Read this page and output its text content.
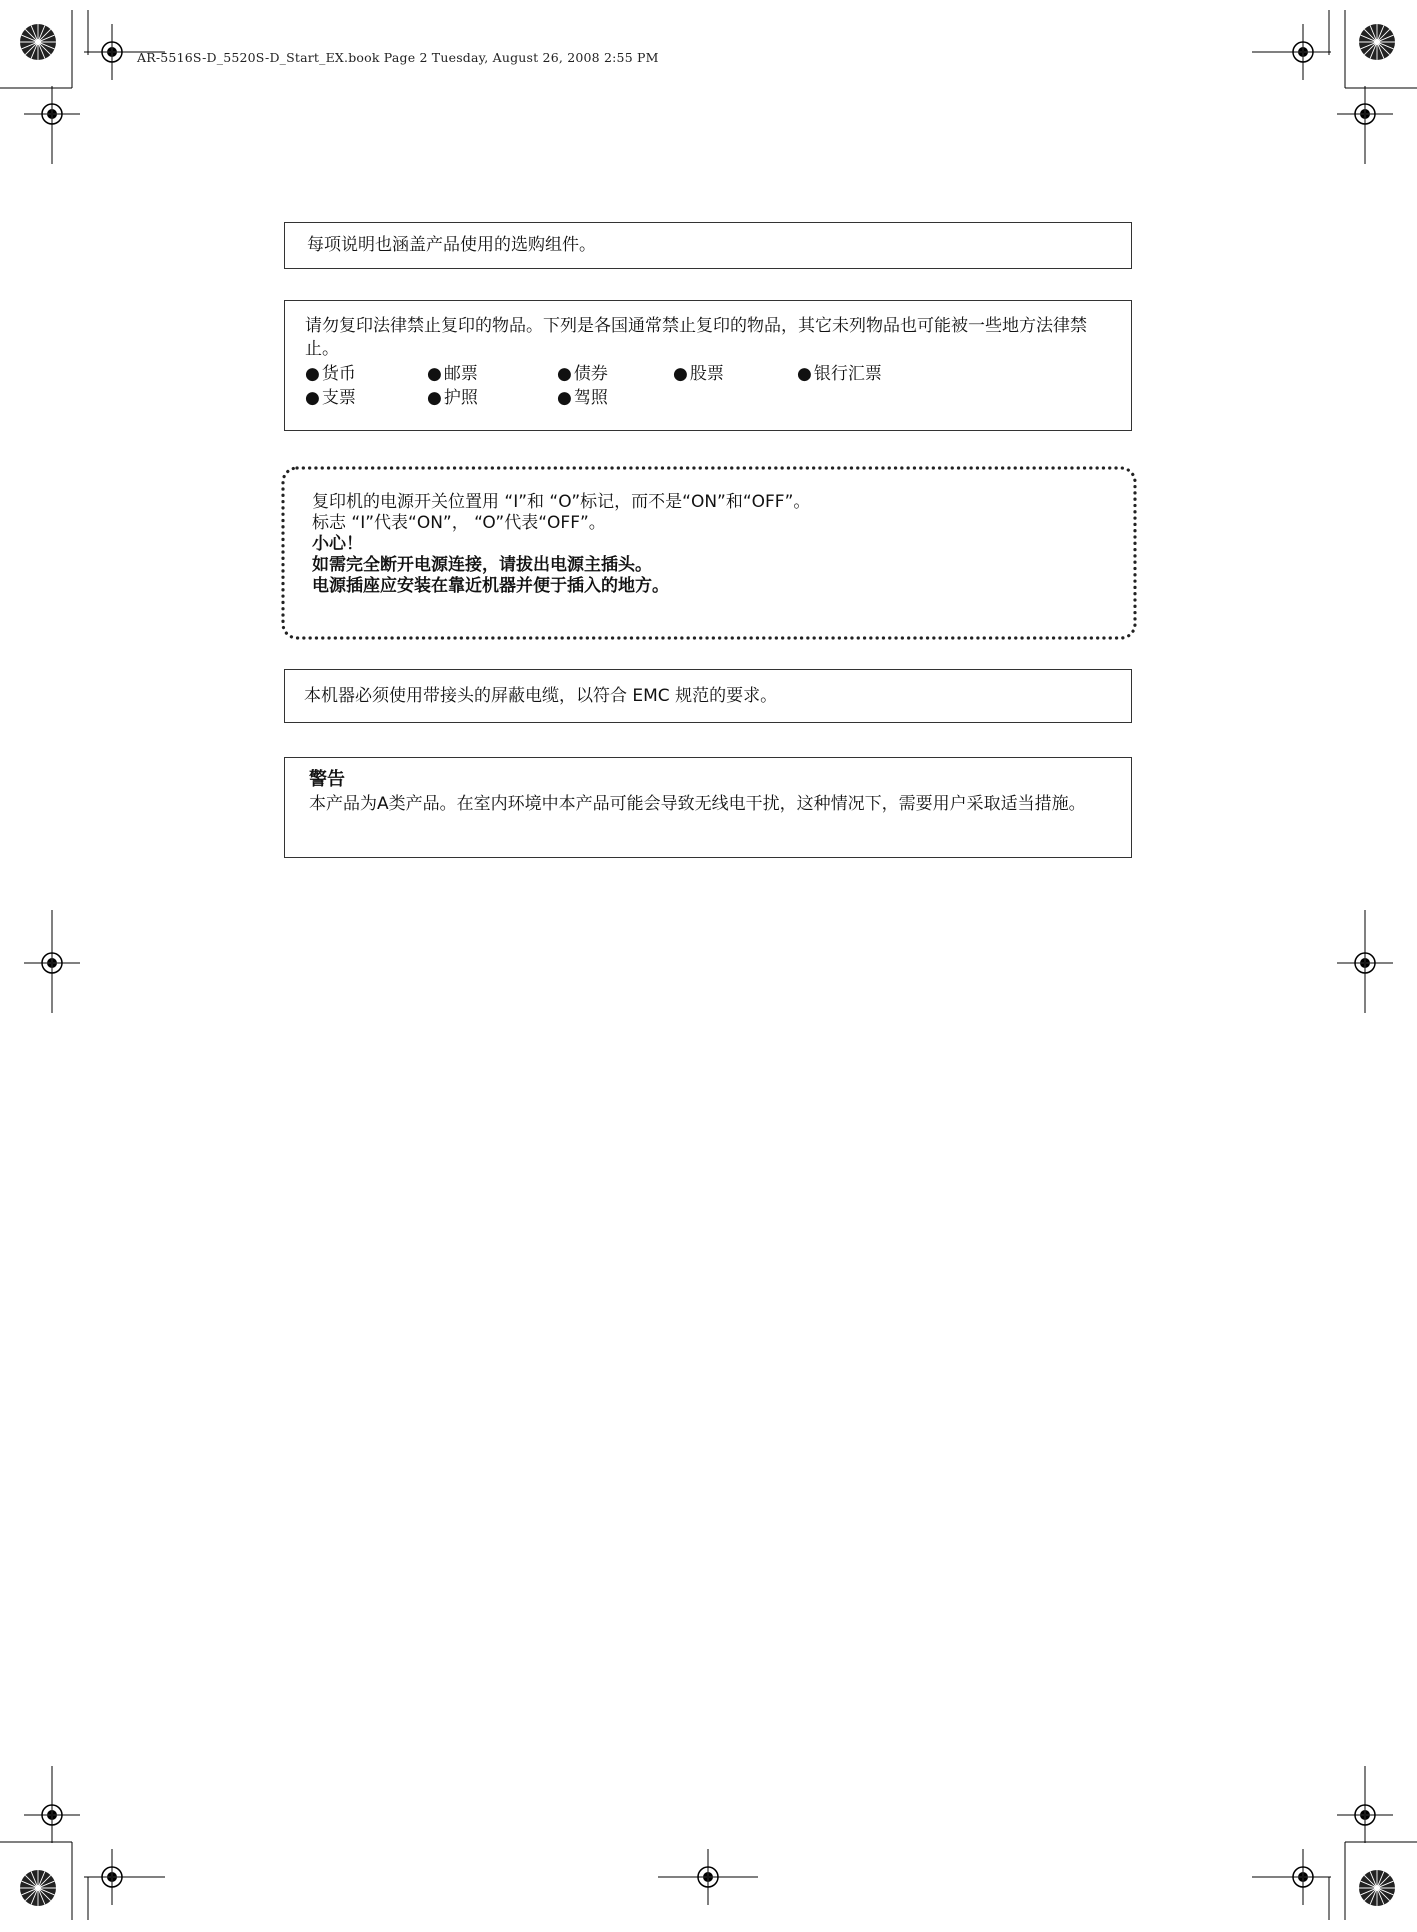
AR-5516S-D_5520S-D_Start_EX.book Page 2 Tuesday, August 26, 2008 2:55 PM
每项说明也涵盖产品使用的选购组件。
请勿复印法律禁止复印的物品。下列是各国通常禁止复印的物品，其它未列物品也可能被一些地方法律禁止。
● 货币	● 邮票	● 债券	● 股票	● 银行汇票
● 支票	● 护照	● 驾照
复印机的电源开关位置用 “I”和 “O”标记，而不是“ON”和“OFF”。
标志 “I”代表“ON”， “O”代表“OFF”。
小心！
如需完全断开电源连接，请拔出电源主插头。
电源插座应安装在靠近机器并便于插入的地方。
本机器必须使用带接头的屏蔽电缆，以符合 EMC 规范的要求。
警告
本产品为A类产品。在室内环境中本产品可能会导致无线电干扰，这种情况下，需要用户采取适当措施。
